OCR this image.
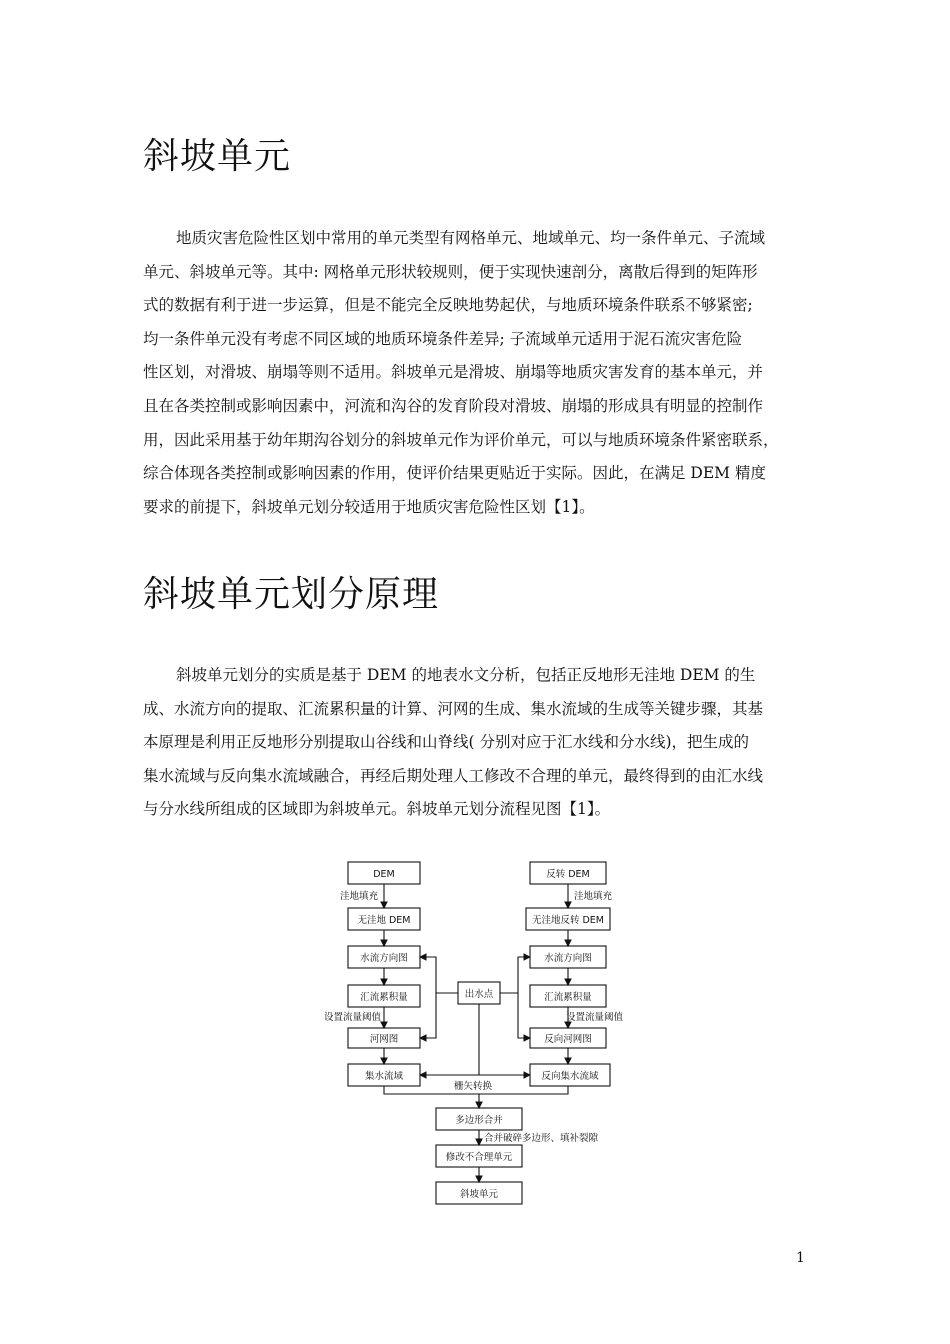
斜坡单元
地质灾害危险性区划中常用的单元类型有网格单元、地域单元、均一条件单元、子流域
单元、斜坡单元等。其中: 网格单元形状较规则，便于实现快速剖分，离散后得到的矩阵形
式的数据有利于进一步运算，但是不能完全反映地势起伏，与地质环境条件联系不够紧密;
均一条件单元没有考虑不同区域的地质环境条件差异; 子流域单元适用于泥石流灾害危险
性区划，对滑坡、崩塌等则不适用。斜坡单元是滑坡、崩塌等地质灾害发育的基本单元，并
且在各类控制或影响因素中，河流和沟谷的发育阶段对滑坡、崩塌的形成具有明显的控制作
用，因此采用基于幼年期沟谷划分的斜坡单元作为评价单元，可以与地质环境条件紧密联系，
综合体现各类控制或影响因素的作用，使评价结果更贴近于实际。因此，在满足 DEM 精度
要求的前提下，斜坡单元划分较适用于地质灾害危险性区划【1】。
斜坡单元划分原理
斜坡单元划分的实质是基于 DEM 的地表水文分析，包括正反地形无洼地 DEM 的生
成、水流方向的提取、汇流累积量的计算、河网的生成、集水流域的生成等关键步骤，其基
本原理是利用正反地形分别提取山谷线和山脊线( 分别对应于汇水线和分水线)，把生成的
集水流域与反向集水流域融合，再经后期处理人工修改不合理的单元，最终得到的由汇水线
与分水线所组成的区域即为斜坡单元。斜坡单元划分流程见图【1】。
DEM
无洼地 DEM
水流方向图
汇流累积量
河网图
集水流域
反转 DEM
无洼地反转 DEM
水流方向图
汇流累积量
反向河网图
反向集水流域
出水点
多边形合并
修改不合理单元
斜坡单元
洼地填充
设置流量阈值
洼地填充
设置流量阈值
栅矢转换
合并破碎多边形、填补裂隙
1
